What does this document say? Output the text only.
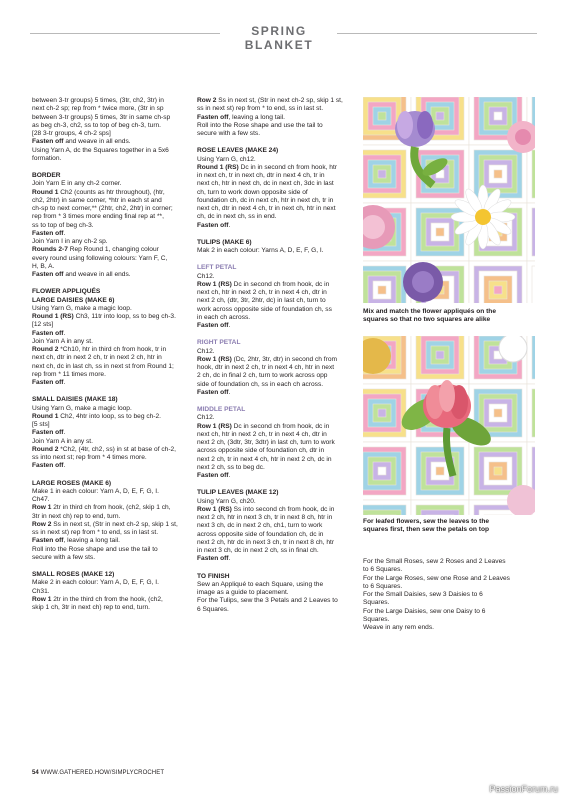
SPRING BLANKET

between 3-tr groups) 5 times, (3tr, ch2, 3tr) in
next ch-2 sp; rep from * twice more, (3tr in sp
between 3-tr groups) 5 times, 3tr in same ch-sp
as beg ch-3, ch2, ss to top of beg ch-3, turn.
[28 3-tr groups, 4 ch-2 sps]

Fasten off and weave in all ends.

Using Yarn A, dc the Squares together in a 5x6
formation.

BORDER

Join Yarn E in any ch-2 corner.

Round 1 Ch2 (counts as htr throughout), (htr,
ch2, 2htr) in same corner, *htr in each st and
ch-sp to next corner,** (2htr, ch2, 2htr) in corner;
rep from * 3 times more ending final rep at **,
ss to top of beg ch-3.

Fasten off.

Join Yarn I in any ch-2 sp.

Rounds 2-7 Rep Round 1, changing colour
every round using following colours: Yarn F, C,
H, B, A.

Fasten off and weave in all ends.

FLOWER APPLIQUÉS
LARGE DAISIES (MAKE 6)

Using Yarn G, make a magic loop.

Round 1 (RS) Ch3, 11tr into loop, ss to beg ch-3.
[12 sts]

Fasten off.

Join Yarn A in any st.

Round 2 *Ch10, htr in third ch from hook, tr in
next ch, dtr in next 2 ch, tr in next 2 ch, htr in
next ch, dc in last ch, ss in next st from Round 1;
rep from * 11 times more.

Fasten off.

SMALL DAISIES (MAKE 18)

Using Yarn G, make a magic loop.

Round 1 Ch2, 4htr into loop, ss to beg ch-2.
[5 sts]

Fasten off.

Join Yarn A in any st.

Round 2 *Ch2, (4tr, ch2, ss) in st at base of ch-2,
ss into next st; rep from * 4 times more.

Fasten off.

LARGE ROSES (MAKE 6)

Make 1 in each colour: Yarn A, D, E, F, G, I.
Ch47.

Row 1 2tr in third ch from hook, (ch2, skip 1 ch,
3tr in next ch) rep to end, turn.

Row 2 Ss in next st, (Str in next ch-2 sp, skip 1 st,
ss in next st) rep from * to end, ss in last st.

Fasten off, leaving a long tail.

Roll into the Rose shape and use the tail to
secure with a few sts.

SMALL ROSES (MAKE 12)

Make 2 in each colour: Yarn A, D, E, F, G, I.
Ch31.

Row 1 2tr in the third ch from the hook, (ch2,
skip 1 ch, 3tr in next ch) rep to end, turn.

Row 2 Ss in next st, (Str in next ch-2 sp, skip 1 st,
ss in next st) rep from * to end, ss in last st.

Fasten off, leaving a long tail.

Roll into the Rose shape and use the tail to
secure with a few sts.

ROSE LEAVES (MAKE 24)

Using Yarn G, ch12.

Round 1 (RS) Dc in in second ch from hook, htr
in next ch, tr in next ch, dtr in next 4 ch, tr in
next ch, htr in next ch, dc in next ch, 3dc in last
ch, turn to work down opposite side of
foundation ch, dc in next ch, htr in next ch, tr in
next ch, dtr in next 4 ch, tr in next ch, htr in next
ch, dc in next ch, ss in end.

Fasten off.

TULIPS (MAKE 6)

Mak 2 in each colour: Yarns A, D, E, F, G, I.

LEFT PETAL

Ch12.

Row 1 (RS) Dc in second ch from hook, dc in
next ch, htr in next 2 ch, tr in next 4 ch, dtr in
next 2 ch, (dtr, 3tr, 2htr, dc) in last ch, turn to
work across opposite side of foundation ch, ss
in each ch across.

Fasten off.

RIGHT PETAL

Ch12.

Row 1 (RS) (Dc, 2htr, 3tr, dtr) in second ch from
hook, dtr in next 2 ch, tr in next 4 ch, htr in next
2 ch, dc in final 2 ch, turn to work across opp
side of foundation ch, ss in each ch across.

Fasten off.

MIDDLE PETAL

Ch12.

Row 1 (RS) Dc in second ch from hook, dc in
next ch, htr in next 2 ch, tr in next 4 ch, dtr in
next 2 ch, (3dtr, 3tr, 3dtr) in last ch, turn to work
across opposite side of foundation ch, dtr in
next 2 ch, tr in next 4 ch, htr in next 2 ch, dc in
next 2 ch, ss to beg dc.

Fasten off.

TULIP LEAVES (MAKE 12)

Using Yarn G, ch20.

Row 1 (RS) Ss into second ch from hook, dc in
next 2 ch, htr in next 3 ch, tr in next 8 ch, htr in
next 3 ch, dc in next 2 ch, ch1, turn to work
across opposite side of foundation ch, dc in
next 2 ch, htr dc in next 3 ch, tr in next 8 ch, htr
in next 3 ch, dc in next 2 ch, ss in final ch.

Fasten off.

TO FINISH

Sew an Appliqué to each Square, using the
image as a guide to placement.
For the Tulips, sew the 3 Petals and 2 Leaves to
6 Squares.

Mix and match the flower appliqués on the
squares so that no two squares are alike
For leafed flowers, sew the leaves to the
squares first, then sew the petals on top

For the Small Roses, sew 2 Roses and 2 Leaves
to 6 Squares.
For the Large Roses, sew one Rose and 2 Leaves
to 6 Squares.
For the Small Daisies, sew 3 Daisies to 6
Squares.
For the Large Daisies, sew one Daisy to 6
Squares.
Weave in any rem ends.

54 WWW.GATHERED.HOW/SIMPLYCROCHET
PassionForum.ru
